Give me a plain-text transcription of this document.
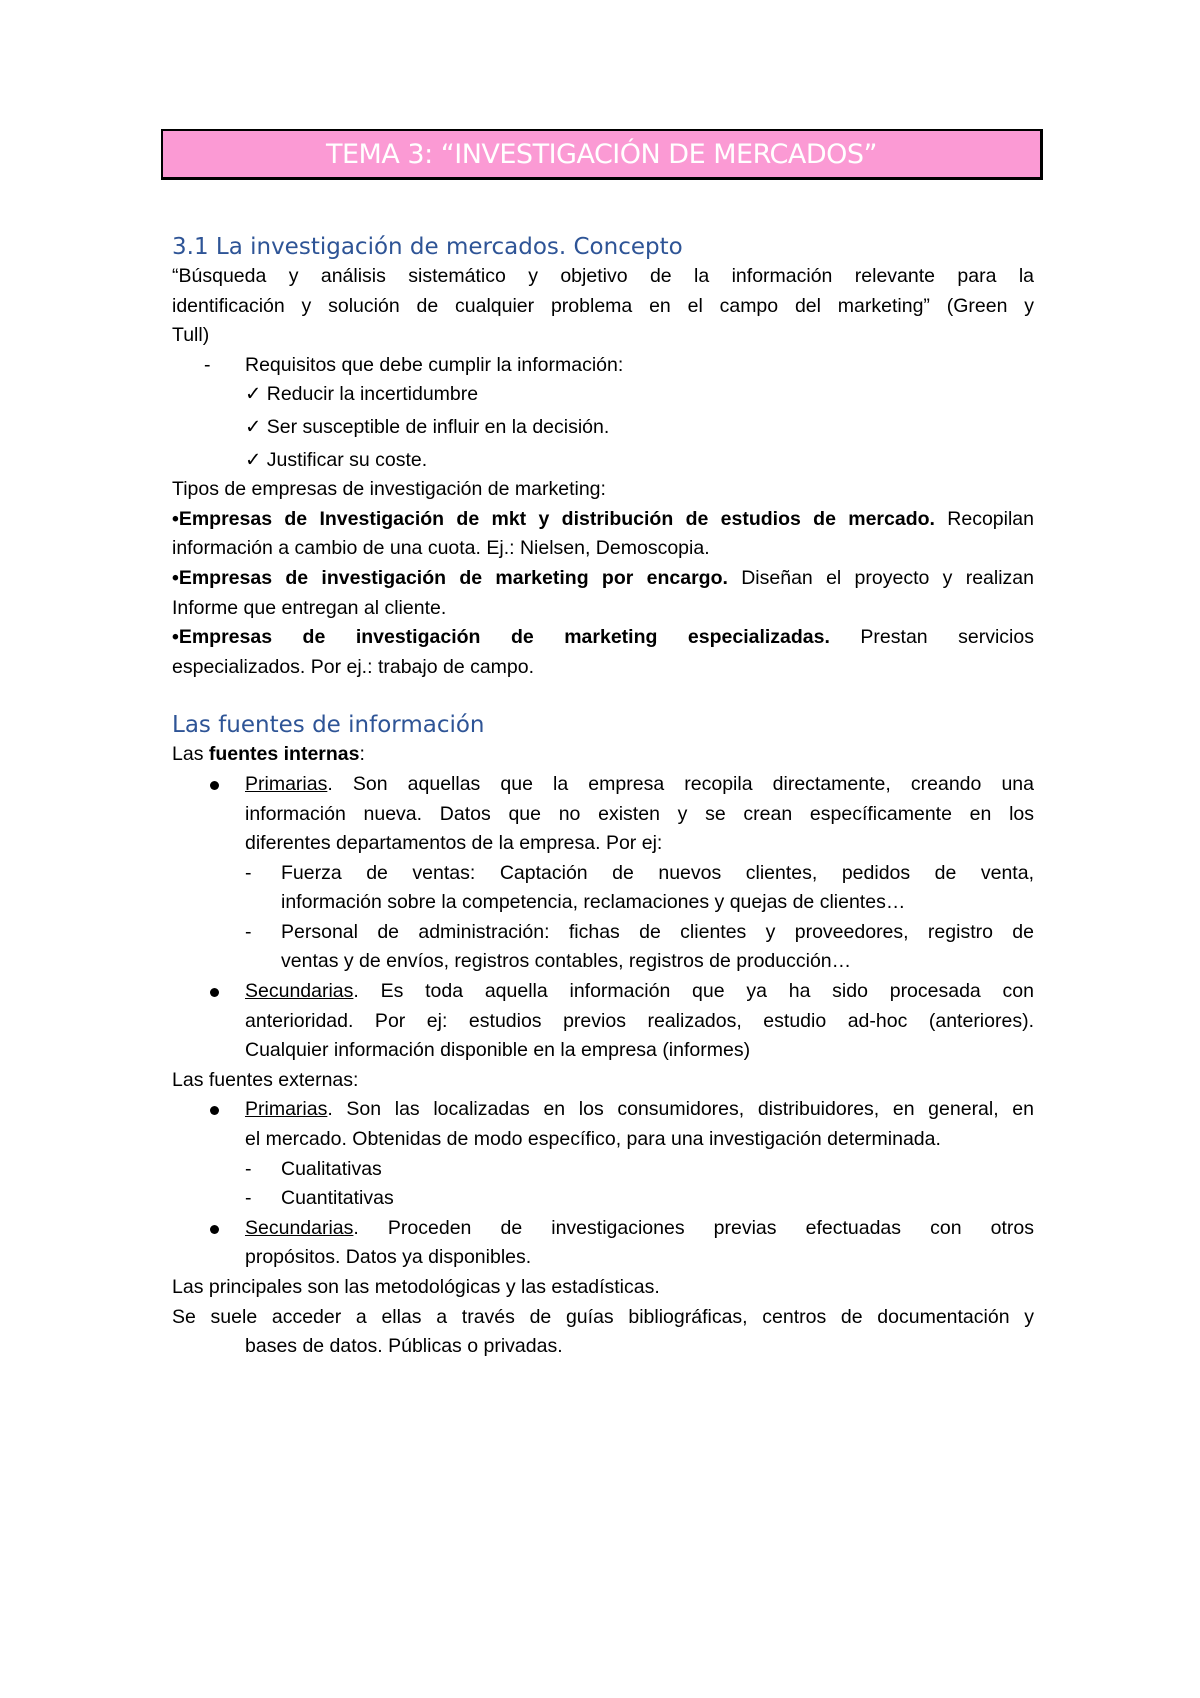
TEMA 3: “INVESTIGACIÓN DE MERCADOS”
3.1 La investigación de mercados. Concepto

“Búsqueda y análisis sistemático y objetivo de la información relevante para la

identificación y solución de cualquier problema en el campo del marketing” (Green y

Tull)

- Requisitos que debe cumplir la información:

✓ Reducir la incertidumbre

✓ Ser susceptible de influir en la decisión.

✓ Justificar su coste.

Tipos de empresas de investigación de marketing:

•Empresas de Investigación de mkt y distribución de estudios de mercado. Recopilan

información a cambio de una cuota. Ej.: Nielsen, Demoscopia.

•Empresas de investigación de marketing por encargo. Diseñan el proyecto y realizan

Informe que entregan al cliente.

•Empresas de investigación de marketing especializadas. Prestan servicios

especializados. Por ej.: trabajo de campo.

Las fuentes de información

Las fuentes internas:

Primarias. Son aquellas que la empresa recopila directamente, creando una

información nueva. Datos que no existen y se crean específicamente en los

diferentes departamentos de la empresa. Por ej:

- Fuerza de ventas: Captación de nuevos clientes, pedidos de venta,

información sobre la competencia, reclamaciones y quejas de clientes…

- Personal de administración: fichas de clientes y proveedores, registro de

ventas y de envíos, registros contables, registros de producción…

Secundarias. Es toda aquella información que ya ha sido procesada con

anterioridad. Por ej: estudios previos realizados, estudio ad-hoc (anteriores).

Cualquier información disponible en la empresa (informes)

Las fuentes externas:

Primarias. Son las localizadas en los consumidores, distribuidores, en general, en

el mercado. Obtenidas de modo específico, para una investigación determinada.

- Cualitativas

- Cuantitativas

Secundarias. Proceden de investigaciones previas efectuadas con otros

propósitos. Datos ya disponibles.

Las principales son las metodológicas y las estadísticas.

Se suele acceder a ellas a través de guías bibliográficas, centros de documentación y

bases de datos. Públicas o privadas.
